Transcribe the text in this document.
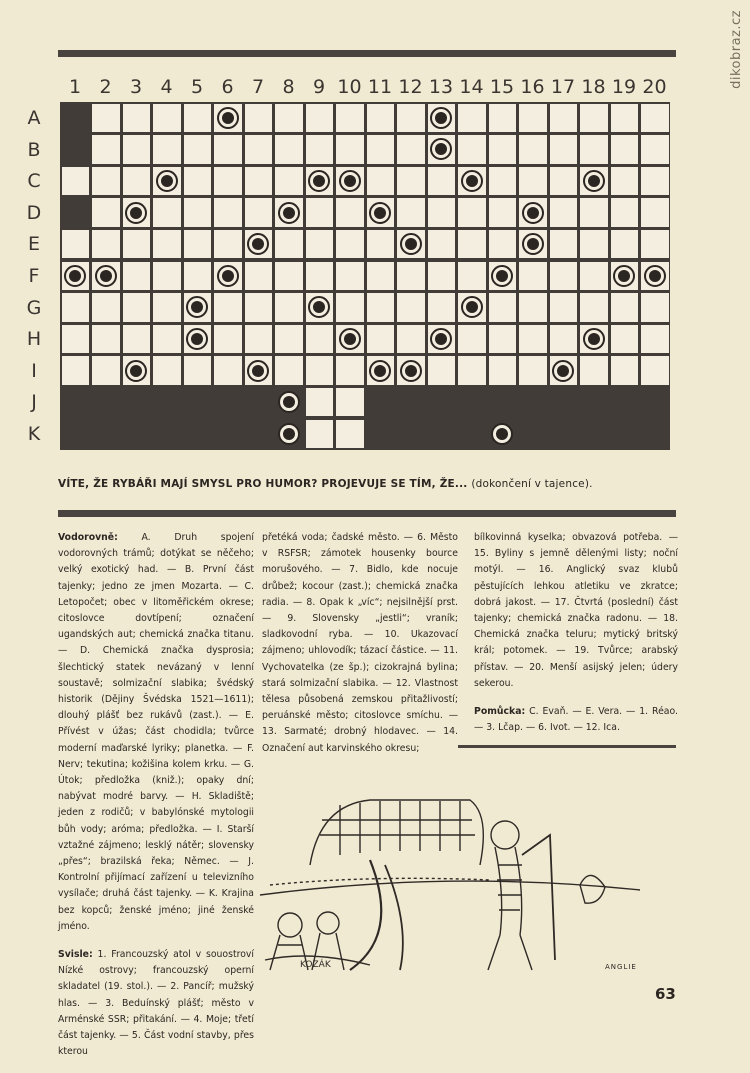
dikobraz.cz
1 2 3 4 5 6 7 8 9 10 11 12 13 14 15 16 17 18 19 20
A
B
C
D
E
F
G
H
I
J
K
VÍTE, ŽE RYBÁŘI MAJÍ SMYSL PRO HUMOR? PROJEVUJE SE TÍM, ŽE... (dokončení v tajence).
Vodorovně:	A. Druh spojení vodorovných trámů; dotýkat se něčeho; velký exotický had. — B. První část tajenky; jedno ze jmen Mozarta. — C. Letopočet; obec v litoměřickém okrese; citoslovce dovtípení; označení ugandských aut; chemická značka titanu. — D. Chemická značka dysprosia; šlechtický statek nevázaný v lenní soustavě; solmizační slabika; švédský historik (Dějiny Švédska 1521—1611); dlouhý plášť bez rukávů (zast.). — E. Přívést v úžas; část chodidla; tvůrce moderní maďarské lyriky; planetka. — F. Nerv; tekutina; kožišina kolem krku. — G. Útok; předložka (kniž.); opaky dní; nabývat modré barvy. — H. Skladiště; jeden z rodičů; v babylónské mytologii bůh vody; aróma; předložka. — I. Starší vztažné zájmeno; lesklý nátěr; slovensky „přes“; brazilská řeka; Němec. — J. Kontrolní přijímací zařízení u televizního vysílače; druhá část tajenky. — K. Krajina bez kopců; ženské jméno; jiné ženské jméno.
Svisle: 1. Francouzský atol v souostroví Nízké ostrovy; francouzský operní skladatel (19. stol.). — 2. Pancíř; mužský hlas. — 3. Beduínský plášť; město v Arménské SSR; přitakání. — 4. Moje; třetí část tajenky. — 5. Část vodní stavby, přes kterou
přetéká voda; čadské město. — 6. Město v RSFSR; zámotek housenky bource morušového. — 7. Bidlo, kde nocuje drůbež; kocour (zast.); chemická značka radia. — 8. Opak k „víc“; nejsilnější prst. — 9. Slovensky „jestli“; vraník; sladkovodní ryba. — 10. Ukazovací zájmeno; uhlovodík; tázací částice. — 11. Vychovatelka (ze šp.); cizokrajná bylina; stará solmizační slabika. — 12. Vlastnost tělesa působená zemskou přitažlivostí; peruánské město; citoslovce smíchu. — 13. Sarmaté; drobný hlodavec. — 14. Označení aut karvinského okresu;
bílkovinná kyselka; obvazová potřeba. — 15. Byliny s jemně dělenými listy; noční motýl. — 16. Anglický svaz klubů pěstujících lehkou atletiku ve zkratce; dobrá jakost. — 17. Čtvrtá (poslední) část tajenky; chemická značka radonu. — 18. Chemická značka teluru; mytický britský král; potomek. — 19. Tvůrce; arabský přístav. — 20. Menší asijský jelen; údery sekerou.
Pomůcka: C. Evaň. — E. Vera. — 1. Réao. — 3. Lčap. — 6. Ivot. — 12. Ica.
KOZÁK	ANGLIE
63
